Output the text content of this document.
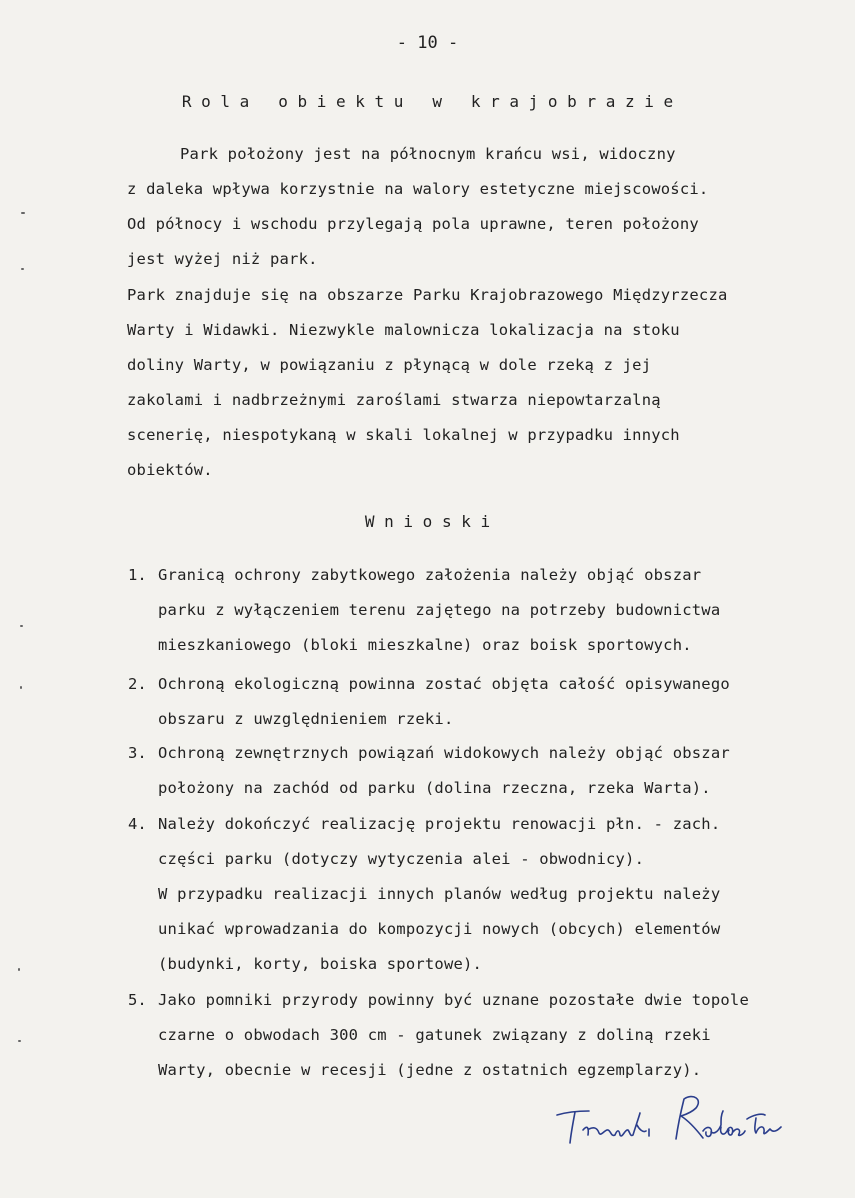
- 10 -
R o l a   o b i e k t u   w   k r a j o b r a z i e
Park położony jest na północnym krańcu wsi, widoczny
z daleka wpływa korzystnie na walory estetyczne miejscowości.
Od północy i wschodu przylegają pola uprawne, teren położony
jest wyżej niż park.
Park znajduje się na obszarze Parku Krajobrazowego Międzyrzecza
Warty i Widawki. Niezwykle malownicza lokalizacja na stoku
doliny Warty, w powiązaniu z płynącą w dole rzeką z jej
zakolami i nadbrzeżnymi zaroślami stwarza niepowtarzalną
scenerię, niespotykaną w skali lokalnej w przypadku innych
obiektów.
W n i o s k i
1. Granicą ochrony zabytkowego założenia należy objąć obszar
parku z wyłączeniem terenu zajętego na potrzeby budownictwa
mieszkaniowego (bloki mieszkalne) oraz boisk sportowych.
2. Ochroną ekologiczną powinna zostać objęta całość opisywanego
obszaru z uwzględnieniem rzeki.
3. Ochroną zewnętrznych powiązań widokowych należy objąć obszar
położony na zachód od parku (dolina rzeczna, rzeka Warta).
4. Należy dokończyć realizację projektu renowacji płn. - zach.
części parku (dotyczy wytyczenia alei - obwodnicy).
W przypadku realizacji innych planów według projektu należy
unikać wprowadzania do kompozycji nowych (obcych) elementów
(budynki, korty, boiska sportowe).
5. Jako pomniki przyrody powinny być uznane pozostałe dwie topole
czarne o obwodach 300 cm - gatunek związany z doliną rzeki
Warty, obecnie w recesji (jedne z ostatnich egzemplarzy).
